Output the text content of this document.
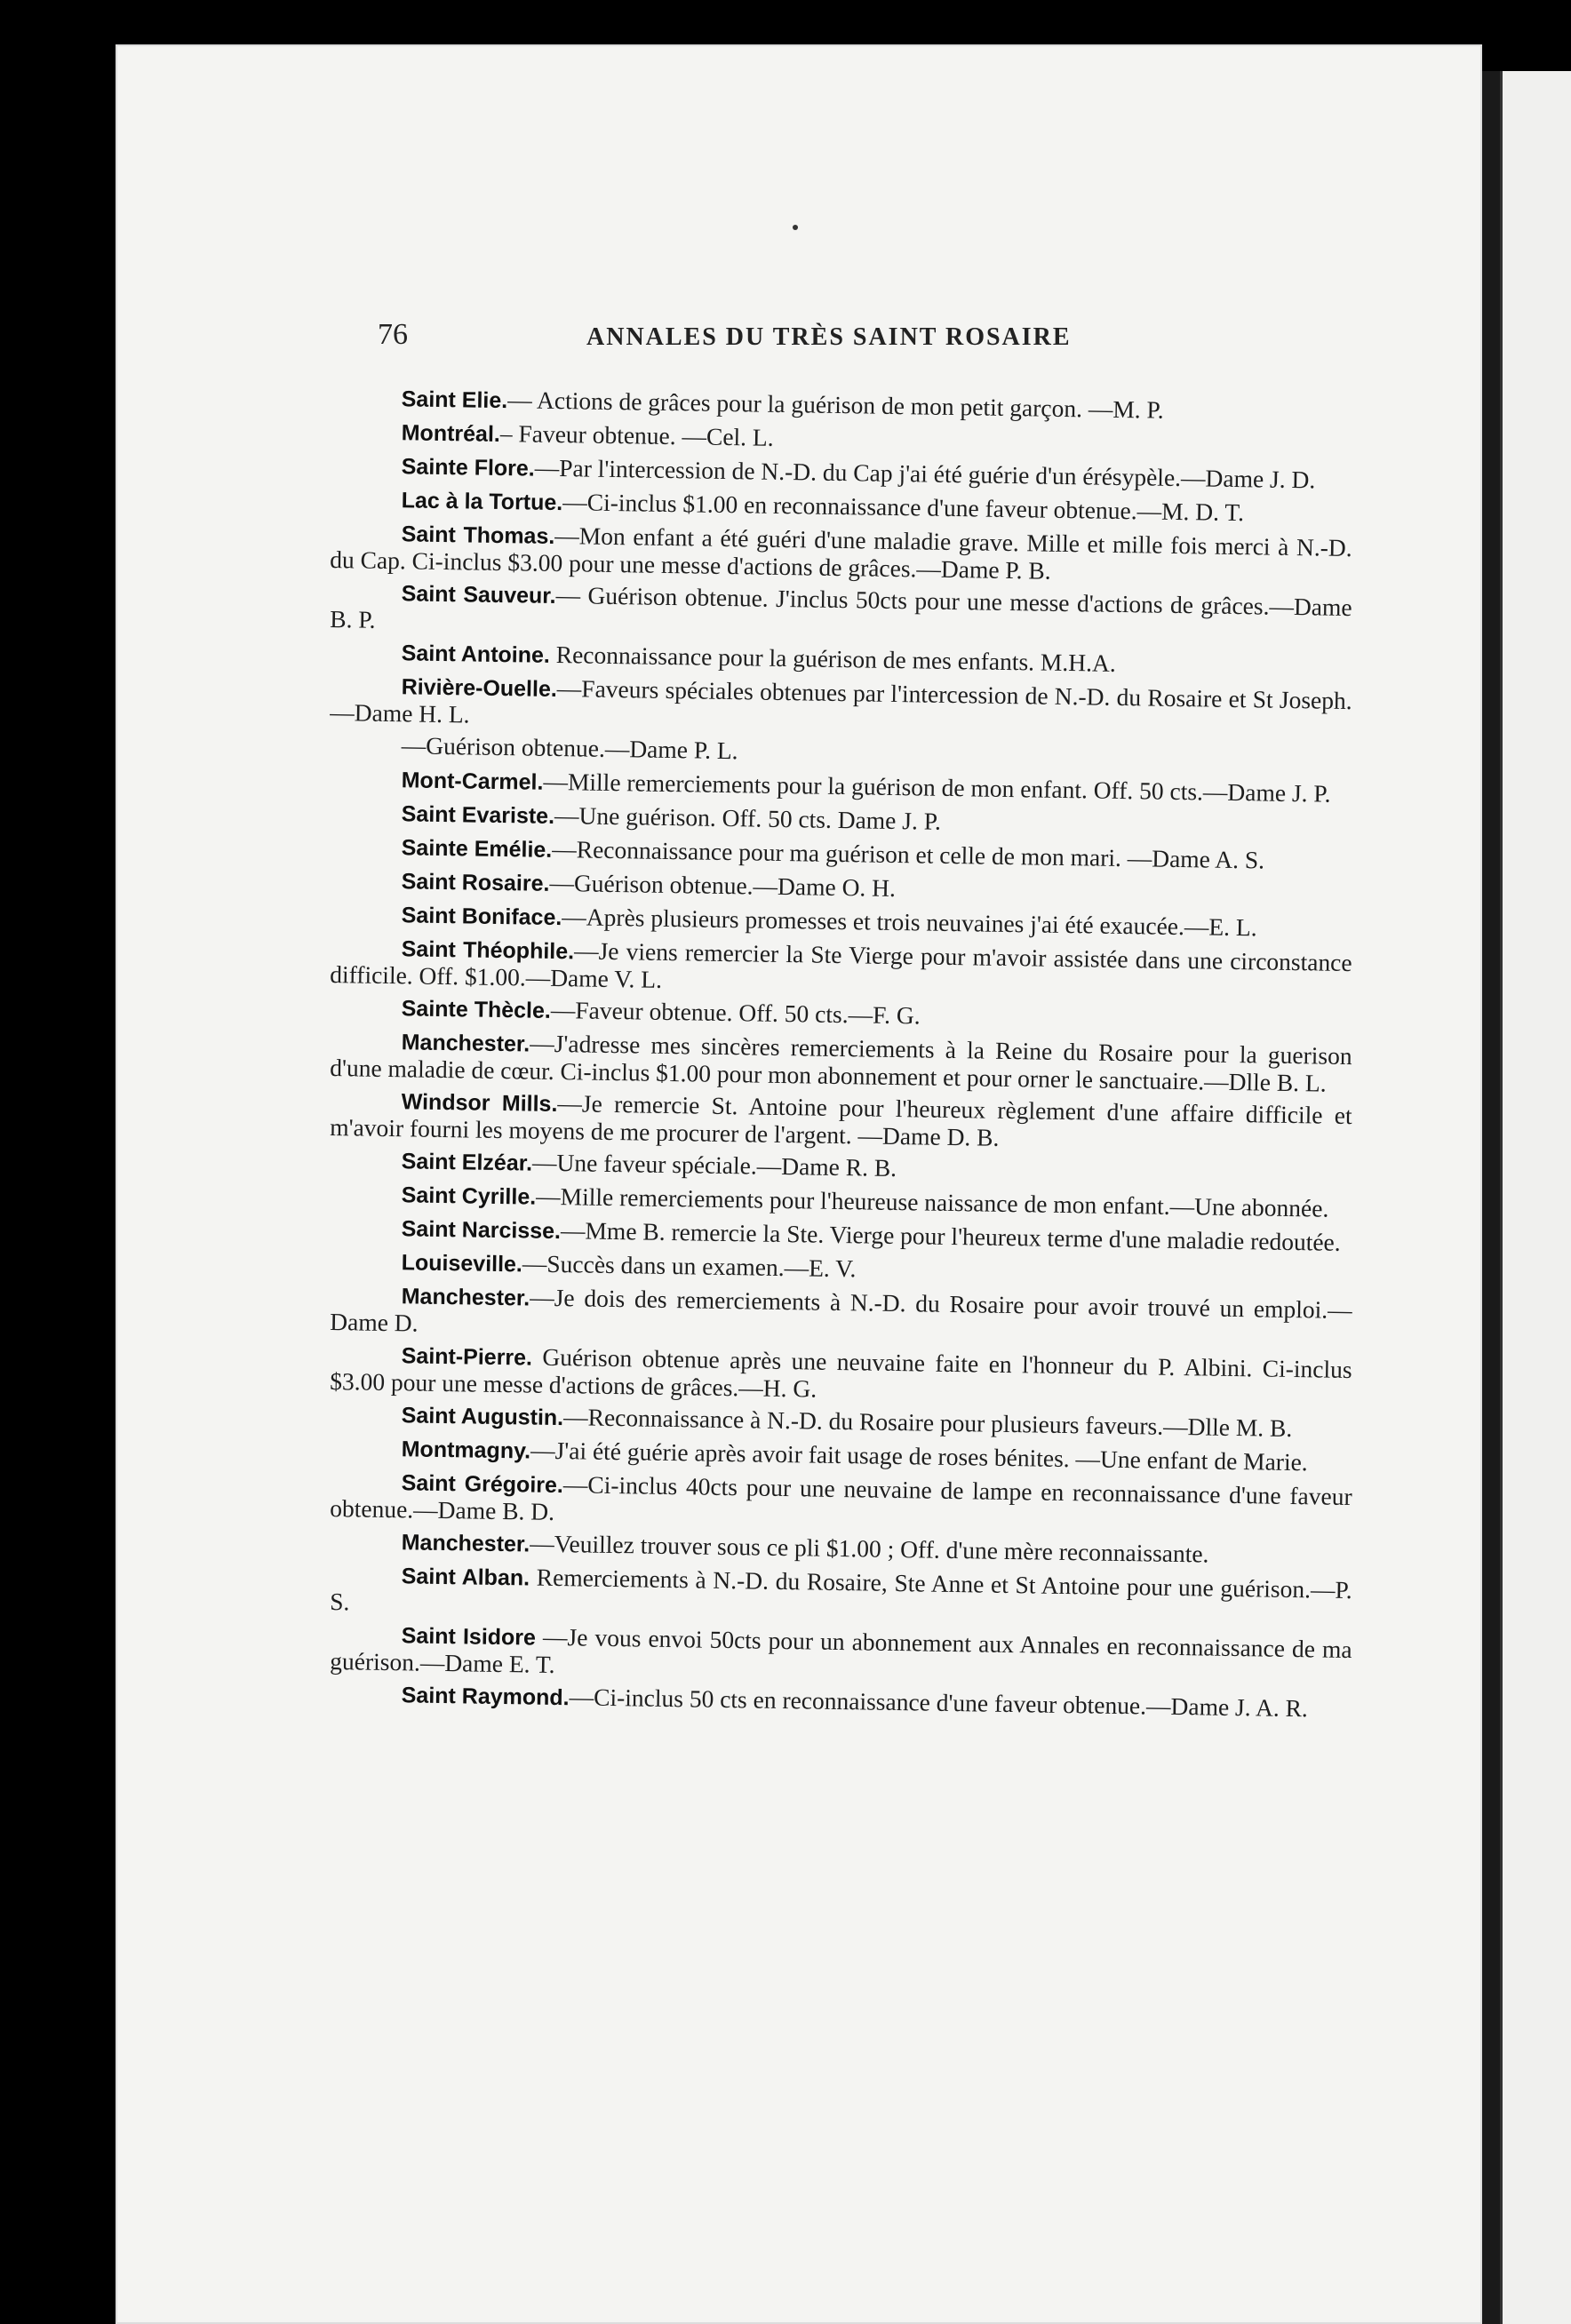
76	ANNALES DU TRÈS SAINT ROSAIRE

Saint Elie.— Actions de grâces pour la guérison de mon petit garçon. —M. P.

Montréal.– Faveur obtenue. —Cel. L.

Sainte Flore.—Par l'intercession de N.-D. du Cap j'ai été guérie d'un érésypèle.—Dame J. D.

Lac à la Tortue.—Ci-inclus $1.00 en reconnaissance d'une faveur obtenue.—M. D. T.

Saint Thomas.—Mon enfant a été guéri d'une maladie grave. Mille et mille fois merci à N.-D. du Cap. Ci-inclus $3.00 pour une messe d'actions de grâces.—Dame P. B.

Saint Sauveur.— Guérison obtenue. J'inclus 50cts pour une messe d'actions de grâces.—Dame B. P.

Saint Antoine. Reconnaissance pour la guérison de mes enfants. M.H.A.

Rivière-Ouelle.—Faveurs spéciales obtenues par l'intercession de N.-D. du Rosaire et St Joseph.—Dame H. L.

—Guérison obtenue.—Dame P. L.

Mont-Carmel.—Mille remerciements pour la guérison de mon enfant. Off. 50 cts.—Dame J. P.

Saint Evariste.—Une guérison. Off. 50 cts. Dame J. P.

Sainte Emélie.—Reconnaissance pour ma guérison et celle de mon mari. —Dame A. S.

Saint Rosaire.—Guérison obtenue.—Dame O. H.

Saint Boniface.—Après plusieurs promesses et trois neuvaines j'ai été exaucée.—E. L.

Saint Théophile.—Je viens remercier la Ste Vierge pour m'avoir assistée dans une circonstance difficile. Off. $1.00.—Dame V. L.

Sainte Thècle.—Faveur obtenue. Off. 50 cts.—F. G.

Manchester.—J'adresse mes sincères remerciements à la Reine du Rosaire pour la guerison d'une maladie de cœur. Ci-inclus $1.00 pour mon abonnement et pour orner le sanctuaire.—Dlle B. L.

Windsor Mills.—Je remercie St. Antoine pour l'heureux règlement d'une affaire difficile et m'avoir fourni les moyens de me procurer de l'argent. —Dame D. B.

Saint Elzéar.—Une faveur spéciale.—Dame R. B.

Saint Cyrille.—Mille remerciements pour l'heureuse naissance de mon enfant.—Une abonnée.

Saint Narcisse.—Mme B. remercie la Ste. Vierge pour l'heureux terme d'une maladie redoutée.

Louiseville.—Succès dans un examen.—E. V.

Manchester.—Je dois des remerciements à N.-D. du Rosaire pour avoir trouvé un emploi.—Dame D.

Saint-Pierre. Guérison obtenue après une neuvaine faite en l'honneur du P. Albini. Ci-inclus $3.00 pour une messe d'actions de grâces.—H. G.

Saint Augustin.—Reconnaissance à N.-D. du Rosaire pour plusieurs faveurs.—Dlle M. B.

Montmagny.—J'ai été guérie après avoir fait usage de roses bénites. —Une enfant de Marie.

Saint Grégoire.—Ci-inclus 40cts pour une neuvaine de lampe en reconnaissance d'une faveur obtenue.—Dame B. D.

Manchester.—Veuillez trouver sous ce pli $1.00 ; Off. d'une mère reconnaissante.

Saint Alban. Remerciements à N.-D. du Rosaire, Ste Anne et St Antoine pour une guérison.—P. S.

Saint Isidore —Je vous envoi 50cts pour un abonnement aux Annales en reconnaissance de ma guérison.—Dame E. T.

Saint Raymond.—Ci-inclus 50 cts en reconnaissance d'une faveur obtenue.—Dame J. A. R.
